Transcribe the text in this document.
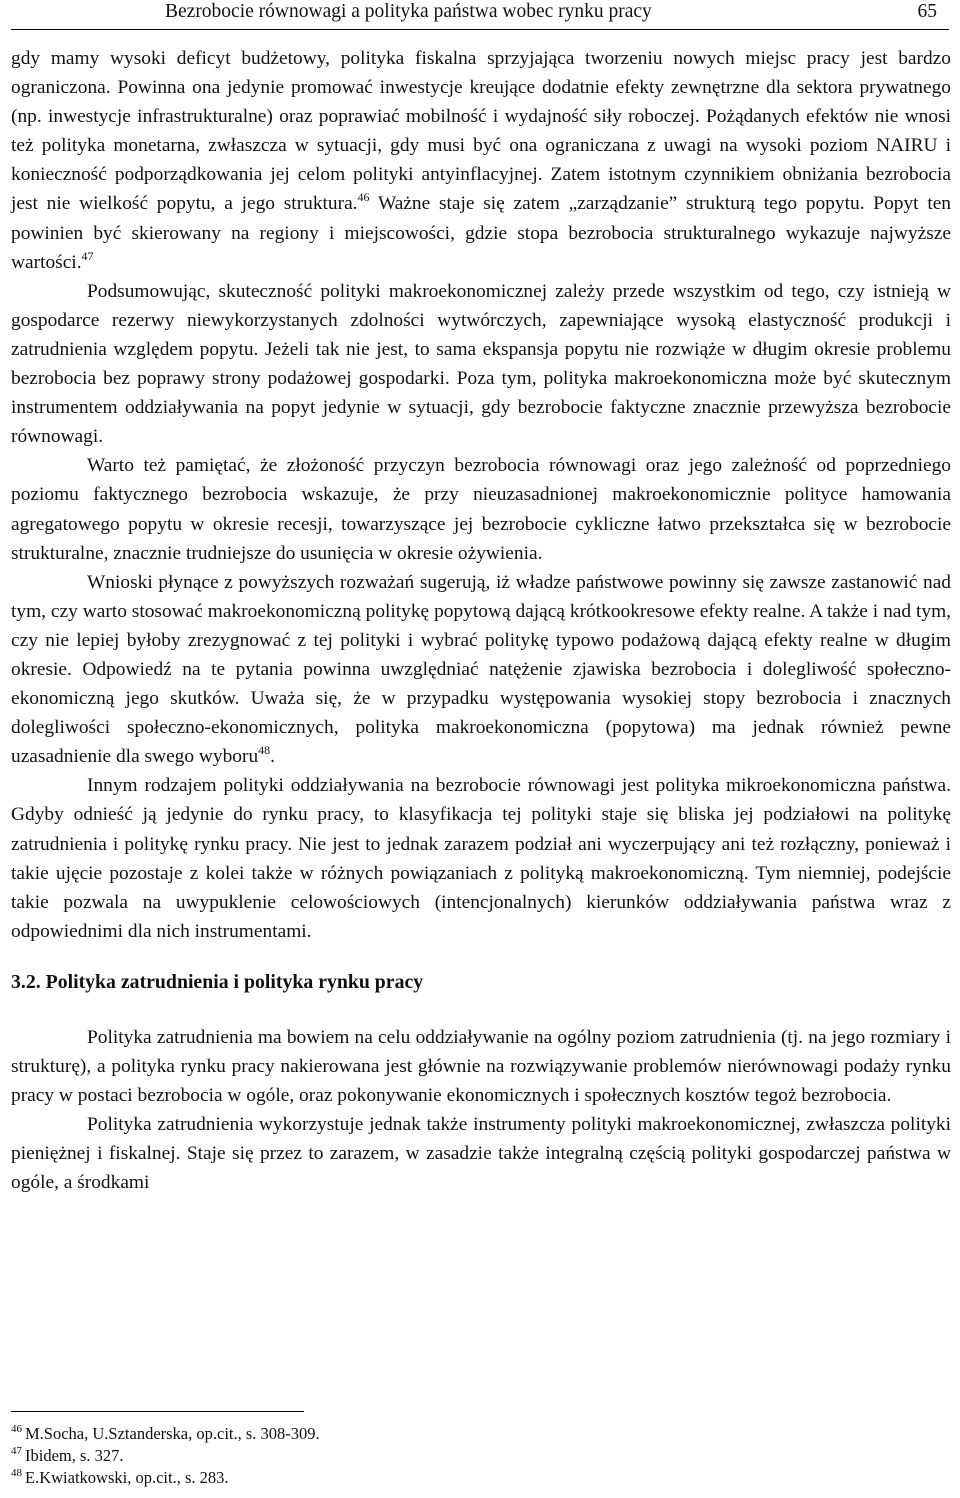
Bezrobocie równowagi a polityka państwa wobec rynku pracy	65

gdy mamy wysoki deficyt budżetowy, polityka fiskalna sprzyjająca tworzeniu nowych miejsc pracy jest bardzo ograniczona. Powinna ona jedynie promować inwestycje kreujące dodatnie efekty zewnętrzne dla sektora prywatnego (np. inwestycje infrastrukturalne) oraz poprawiać mobilność i wydajność siły roboczej. Pożądanych efektów nie wnosi też polityka monetarna, zwłaszcza w sytuacji, gdy musi być ona ograniczana z uwagi na wysoki poziom NAIRU i konieczność podporządkowania jej celom polityki antyinflacyjnej. Zatem istotnym czynnikiem obniżania bezrobocia jest nie wielkość popytu, a jego struktura.$^{46}$ Ważne staje się zatem „zarządzanie” strukturą tego popytu. Popyt ten powinien być skierowany na regiony i miejscowości, gdzie stopa bezrobocia strukturalnego wykazuje najwyższe wartości.$^{47}$

Podsumowując, skuteczność polityki makroekonomicznej zależy przede wszystkim od tego, czy istnieją w gospodarce rezerwy niewykorzystanych zdolności wytwórczych, zapewniające wysoką elastyczność produkcji i zatrudnienia względem popytu. Jeżeli tak nie jest, to sama ekspansja popytu nie rozwiąże w długim okresie problemu bezrobocia bez poprawy strony podażowej gospodarki. Poza tym, polityka makroekonomiczna może być skutecznym instrumentem oddziaływania na popyt jedynie w sytuacji, gdy bezrobocie faktyczne znacznie przewyższa bezrobocie równowagi.

Warto też pamiętać, że złożoność przyczyn bezrobocia równowagi oraz jego zależność od poprzedniego poziomu faktycznego bezrobocia wskazuje, że przy nieuzasadnionej makroekonomicznie polityce hamowania agregatowego popytu w okresie recesji, towarzyszące jej bezrobocie cykliczne łatwo przekształca się w bezrobocie strukturalne, znacznie trudniejsze do usunięcia w okresie ożywienia.

Wnioski płynące z powyższych rozważań sugerują, iż władze państwowe powinny się zawsze zastanowić nad tym, czy warto stosować makroekonomiczną politykę popytową dającą krótkookresowe efekty realne. A także i nad tym, czy nie lepiej byłoby zrezygnować z tej polityki i wybrać politykę typowo podażową dającą efekty realne w długim okresie. Odpowiedź na te pytania powinna uwzględniać natężenie zjawiska bezrobocia i dolegliwość społeczno-ekonomiczną jego skutków. Uważa się, że w przypadku występowania wysokiej stopy bezrobocia i znacznych dolegliwości społeczno-ekonomicznych, polityka makroekonomiczna (popytowa) ma jednak również pewne uzasadnienie dla swego wyboru$^{48}$.

Innym rodzajem polityki oddziaływania na bezrobocie równowagi jest polityka mikroekonomiczna państwa. Gdyby odnieść ją jedynie do rynku pracy, to klasyfikacja tej polityki staje się bliska jej podziałowi na politykę zatrudnienia i politykę rynku pracy. Nie jest to jednak zarazem podział ani wyczerpujący ani też rozłączny, ponieważ i takie ujęcie pozostaje z kolei także w różnych powiązaniach z polityką makroekonomiczną. Tym niemniej, podejście takie pozwala na uwypuklenie celowościowych (intencjonalnych) kierunków oddziaływania państwa wraz z odpowiednimi dla nich instrumentami.

3.2. Polityka zatrudnienia i polityka rynku pracy

Polityka zatrudnienia ma bowiem na celu oddziaływanie na ogólny poziom zatrudnienia (tj. na jego rozmiary i strukturę), a polityka rynku pracy nakierowana jest głównie na rozwiązywanie problemów nierównowagi podaży rynku pracy w postaci bezrobocia w ogóle, oraz pokonywanie ekonomicznych i społecznych kosztów tegoż bezrobocia.

Polityka zatrudnienia wykorzystuje jednak także instrumenty polityki makroekonomicznej, zwłaszcza polityki pieniężnej i fiskalnej. Staje się przez to zarazem, w zasadzie także integralną częścią polityki gospodarczej państwa w ogóle, a środkami

$^{46}$ M.Socha, U.Sztanderska, op.cit., s. 308-309.
$^{47}$ Ibidem, s. 327.
$^{48}$ E.Kwiatkowski, op.cit., s. 283.
